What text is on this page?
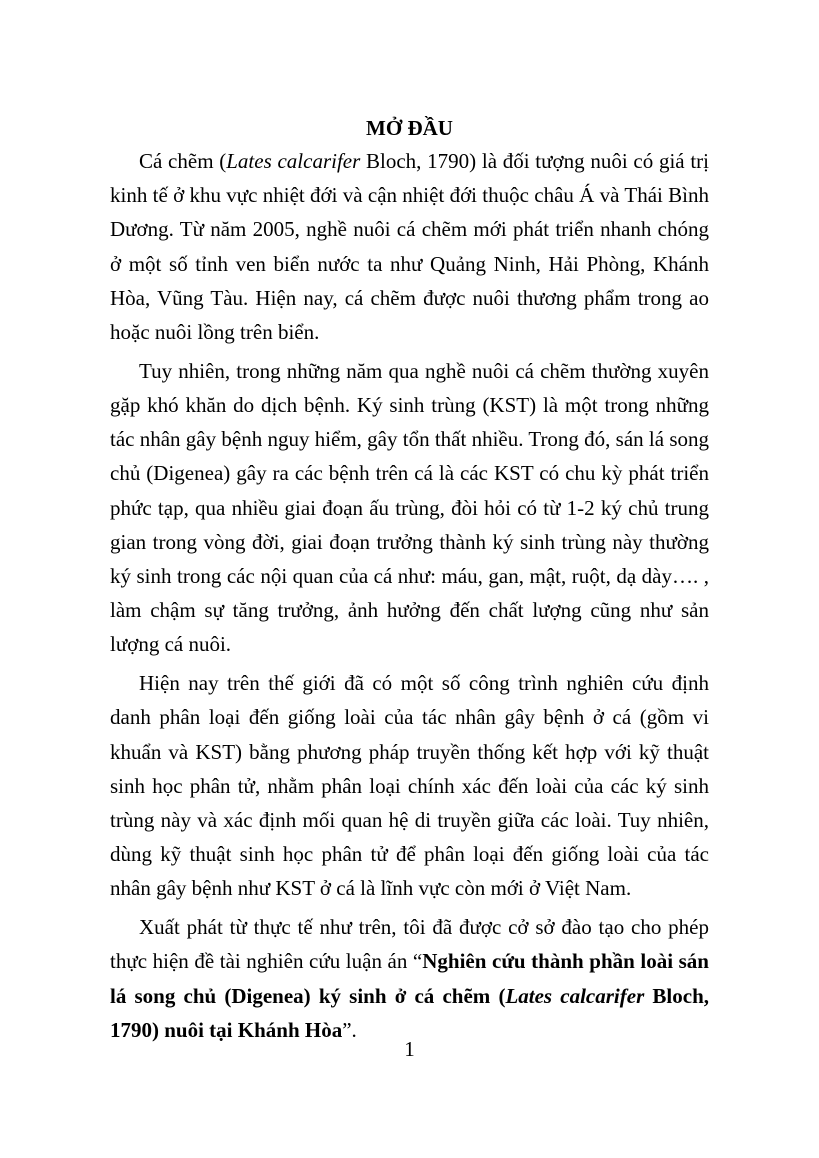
MỞ ĐẦU

Cá chẽm (Lates calcarifer Bloch, 1790) là đối tượng nuôi có giá trị kinh tế ở khu vực nhiệt đới và cận nhiệt đới thuộc châu Á và Thái Bình Dương. Từ năm 2005, nghề nuôi cá chẽm mới phát triển nhanh chóng ở một số tỉnh ven biển nước ta như Quảng Ninh, Hải Phòng, Khánh Hòa, Vũng Tàu. Hiện nay, cá chẽm được nuôi thương phẩm trong ao hoặc nuôi lồng trên biển.

Tuy nhiên, trong những năm qua nghề nuôi cá chẽm thường xuyên gặp khó khăn do dịch bệnh. Ký sinh trùng (KST) là một trong những tác nhân gây bệnh nguy hiểm, gây tổn thất nhiều. Trong đó, sán lá song chủ (Digenea) gây ra các bệnh trên cá là các KST có chu kỳ phát triển phức tạp, qua nhiều giai đoạn ấu trùng, đòi hỏi có từ 1-2 ký chủ trung gian trong vòng đời, giai đoạn trưởng thành ký sinh trùng này thường ký sinh trong các nội quan của cá như: máu, gan, mật, ruột, dạ dày…. , làm chậm sự tăng trưởng, ảnh hưởng đến chất lượng cũng như sản lượng cá nuôi.

Hiện nay trên thế giới đã có một số công trình nghiên cứu định danh phân loại đến giống loài của tác nhân gây bệnh ở cá (gồm vi khuẩn và KST) bằng phương pháp truyền thống kết hợp với kỹ thuật sinh học phân tử, nhằm phân loại chính xác đến loài của các ký sinh trùng này và xác định mối quan hệ di truyền giữa các loài. Tuy nhiên, dùng kỹ thuật sinh học phân tử để phân loại đến giống loài của tác nhân gây bệnh như KST ở cá là lĩnh vực còn mới ở Việt Nam.

Xuất phát từ thực tế như trên, tôi đã được cở sở đào tạo cho phép thực hiện đề tài nghiên cứu luận án “Nghiên cứu thành phần loài sán lá song chủ (Digenea) ký sinh ở cá chẽm (Lates calcarifer Bloch, 1790) nuôi tại Khánh Hòa”.

1
